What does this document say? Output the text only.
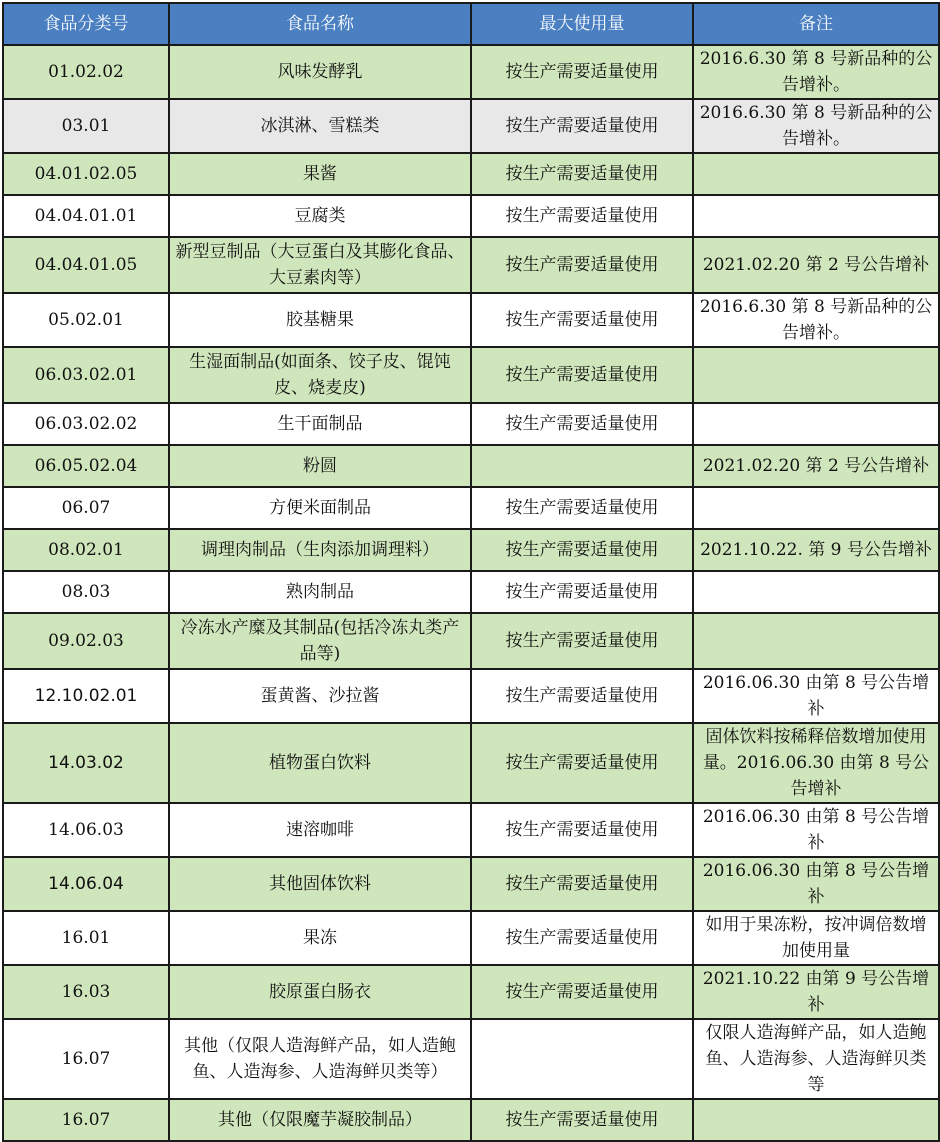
食品分类号	食品名称	最大使用量	备注
01.02.02	风味发酵乳	按生产需要适量使用	2016.6.30 第 8 号新品种的公告增补。
03.01	冰淇淋、雪糕类	按生产需要适量使用	2016.6.30 第 8 号新品种的公告增补。
04.01.02.05	果酱	按生产需要适量使用	
04.04.01.01	豆腐类	按生产需要适量使用	
04.04.01.05	新型豆制品（大豆蛋白及其膨化食品、大豆素肉等）	按生产需要适量使用	2021.02.20 第 2 号公告增补
05.02.01	胶基糖果	按生产需要适量使用	2016.6.30 第 8 号新品种的公告增补。
06.03.02.01	生湿面制品(如面条、饺子皮、馄饨皮、烧麦皮)	按生产需要适量使用	
06.03.02.02	生干面制品	按生产需要适量使用	
06.05.02.04	粉圆		2021.02.20 第 2 号公告增补
06.07	方便米面制品	按生产需要适量使用	
08.02.01	调理肉制品（生肉添加调理料）	按生产需要适量使用	2021.10.22. 第 9 号公告增补
08.03	熟肉制品	按生产需要适量使用	
09.02.03	冷冻水产糜及其制品(包括冷冻丸类产品等)	按生产需要适量使用	
12.10.02.01	蛋黄酱、沙拉酱	按生产需要适量使用	2016.06.30 由第 8 号公告增补
14.03.02	植物蛋白饮料	按生产需要适量使用	固体饮料按稀释倍数增加使用量。2016.06.30 由第 8 号公告增补
14.06.03	速溶咖啡	按生产需要适量使用	2016.06.30 由第 8 号公告增补
14.06.04	其他固体饮料	按生产需要适量使用	2016.06.30 由第 8 号公告增补
16.01	果冻	按生产需要适量使用	如用于果冻粉，按冲调倍数增加使用量
16.03	胶原蛋白肠衣	按生产需要适量使用	2021.10.22 由第 9 号公告增补
16.07	其他（仅限人造海鲜产品，如人造鲍鱼、人造海参、人造海鲜贝类等）		仅限人造海鲜产品，如人造鲍鱼、人造海参、人造海鲜贝类等
16.07	其他（仅限魔芋凝胶制品）	按生产需要适量使用	
